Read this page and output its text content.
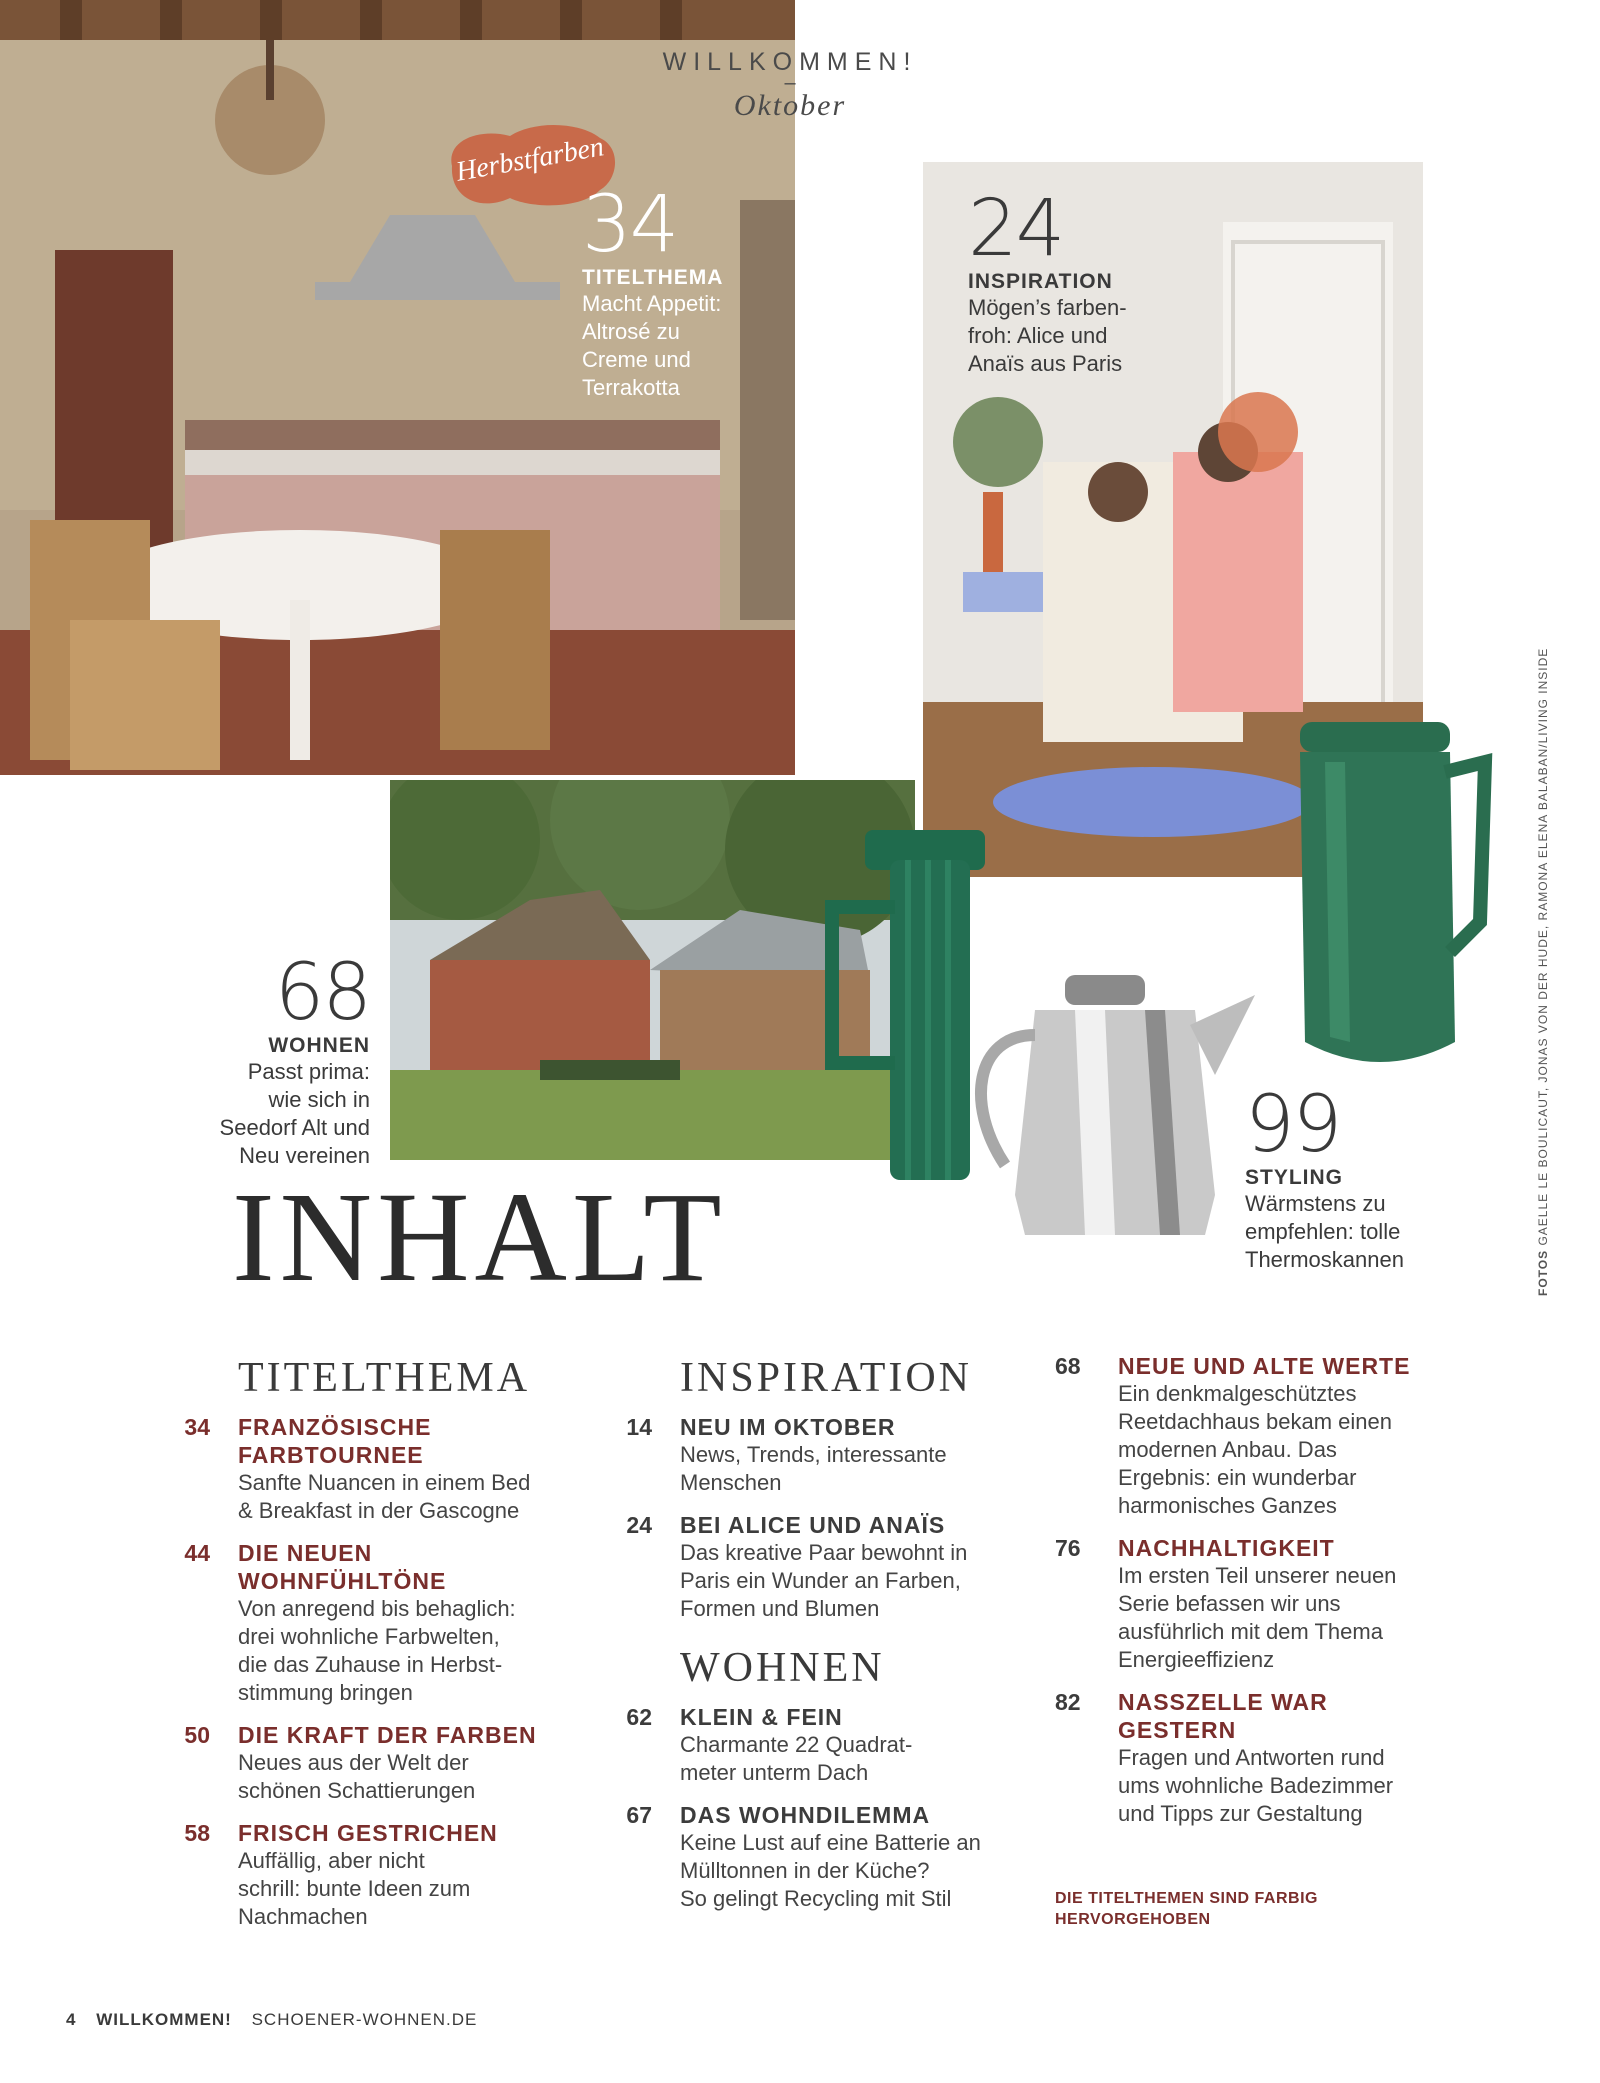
Herbstfarben
WILLKOMMEN!
–
Oktober
34
TITELTHEMA
Macht Appetit:
Altrosé zu
Creme und
Terrakotta
24
INSPIRATION
Mögen’s farben-
froh: Alice und
Anaïs aus Paris
68
WOHNEN
Passt prima:
wie sich in
Seedorf Alt und
Neu vereinen	99
STYLING
Wärmstens zu
empfehlen: tolle
Thermoskannen
INHALT
TITELTHEMA
34	FRANZÖSISCHE
FARBTOURNEE
Sanfte Nuancen in einem Bed
& Breakfast in der Gascogne
44	DIE NEUEN
WOHNFÜHLTÖNE
Von anregend bis behaglich:
drei wohnliche Farbwelten,
die das Zuhause in Herbst-
stimmung bringen
50	DIE KRAFT DER FARBEN
Neues aus der Welt der
schönen Schattierungen
58	FRISCH GESTRICHEN
Auffällig, aber nicht
schrill: bunte Ideen zum
Nachmachen
INSPIRATION
14	NEU IM OKTOBER
News, Trends, interessante
Menschen
24	BEI ALICE UND ANAÏS
Das kreative Paar bewohnt in
Paris ein Wunder an Farben,
Formen und Blumen
WOHNEN
62	KLEIN & FEIN
Charmante 22 Quadrat-
meter unterm Dach
67	DAS WOHNDILEMMA
Keine Lust auf eine Batterie an
Mülltonnen in der Küche?
So gelingt Recycling mit Stil
68	NEUE UND ALTE WERTE
Ein denkmalgeschütztes
Reetdachhaus bekam einen
modernen Anbau. Das
Ergebnis: ein wunderbar
harmonisches Ganzes
76	NACHHALTIGKEIT
Im ersten Teil unserer neuen
Serie befassen wir uns
ausführlich mit dem Thema
Energieeffizienz
82	NASSZELLE WAR
GESTERN
Fragen und Antworten rund
ums wohnliche Badezimmer
und Tipps zur Gestaltung
DIE TITELTHEMEN SIND FARBIG
HERVORGEHOBEN
FOTOS GAELLE LE BOULICAUT, JONAS VON DER HUDE, RAMONA ELENA BALABAN/LIVING INSIDE
4 WILLKOMMEN! SCHOENER-WOHNEN.DE
